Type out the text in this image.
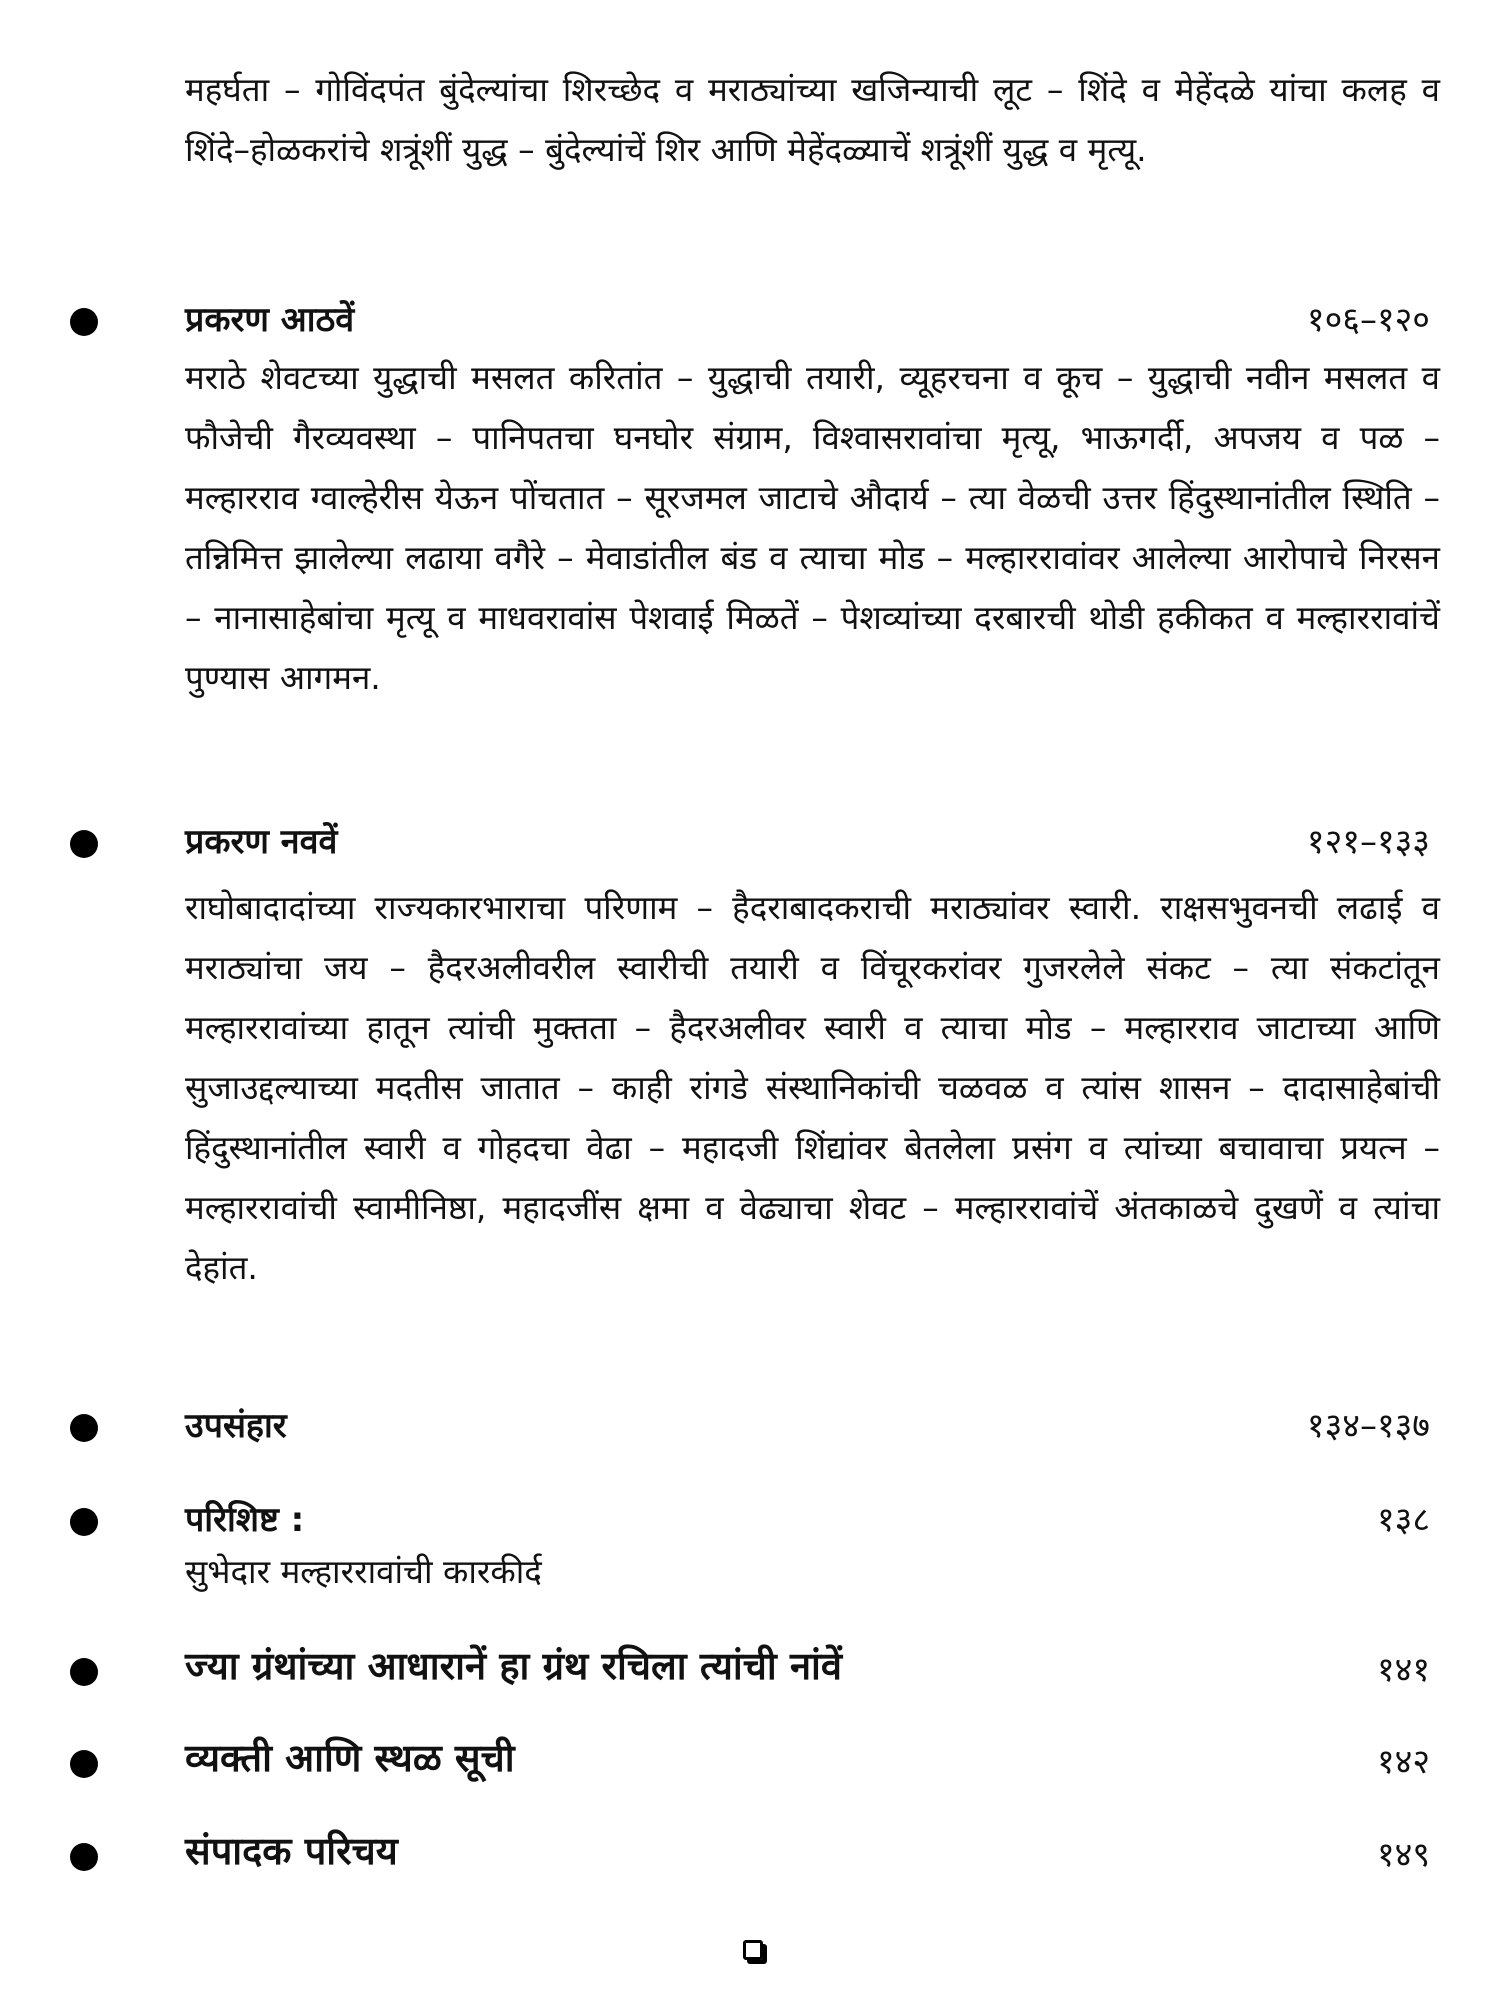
महर्घता – गोविंदपंत बुंदेल्यांचा शिरच्छेद व मराठ्यांच्या खजिन्याची लूट – शिंदे व मेहेंदळे यांचा कलह व शिंदे–होळकरांचे शत्रूंशीं युद्ध – बुंदेल्यांचें शिर आणि मेहेंदळ्याचें शत्रूंशीं युद्ध व मृत्यू.

प्रकरण आठवें	१०६–१२०

मराठे शेवटच्या युद्धाची मसलत करितांत – युद्धाची तयारी, व्यूहरचना व कूच – युद्धाची नवीन मसलत व फौजेची गैरव्यवस्था – पानिपतचा घनघोर संग्राम, विश्वासरावांचा मृत्यू, भाऊगर्दी, अपजय व पळ – मल्हारराव ग्वाल्हेरीस येऊन पोंचतात – सूरजमल जाटाचे औदार्य – त्या वेळची उत्तर हिंदुस्थानांतील स्थिति – तन्निमित्त झालेल्या लढाया वगैरे – मेवाडांतील बंड व त्याचा मोड – मल्हाररावांवर आलेल्या आरोपाचे निरसन – नानासाहेबांचा मृत्यू व माधवरावांस पेशवाई मिळतें – पेशव्यांच्या दरबारची थोडी हकीकत व मल्हाररावांचें पुण्यास आगमन.

प्रकरण नववें	१२१–१३३

राघोबादादांच्या राज्यकारभाराचा परिणाम – हैदराबादकराची मराठ्यांवर स्वारी. राक्षसभुवनची लढाई व मराठ्यांचा जय – हैदरअलीवरील स्वारीची तयारी व विंचूरकरांवर गुजरलेले संकट – त्या संकटांतून मल्हाररावांच्या हातून त्यांची मुक्तता – हैदरअलीवर स्वारी व त्याचा मोड – मल्हारराव जाटाच्या आणि सुजाउद्दल्याच्या मदतीस जातात – काही रांगडे संस्थानिकांची चळवळ व त्यांस शासन – दादासाहेबांची हिंदुस्थानांतील स्वारी व गोहदचा वेढा – महादजी शिंद्यांवर बेतलेला प्रसंग व त्यांच्या बचावाचा प्रयत्न – मल्हाररावांची स्वामीनिष्ठा, महादजींस क्षमा व वेढ्याचा शेवट – मल्हाररावांचें अंतकाळचे दुखणें व त्यांचा देहांत.

उपसंहार	१३४–१३७
परिशिष्ट :	१३८
सुभेदार मल्हाररावांची कारकीर्द
ज्या ग्रंथांच्या आधारानें हा ग्रंथ रचिला त्यांची नांवें	१४१
व्यक्ती आणि स्थळ सूची	१४२
संपादक परिचय	१४९
